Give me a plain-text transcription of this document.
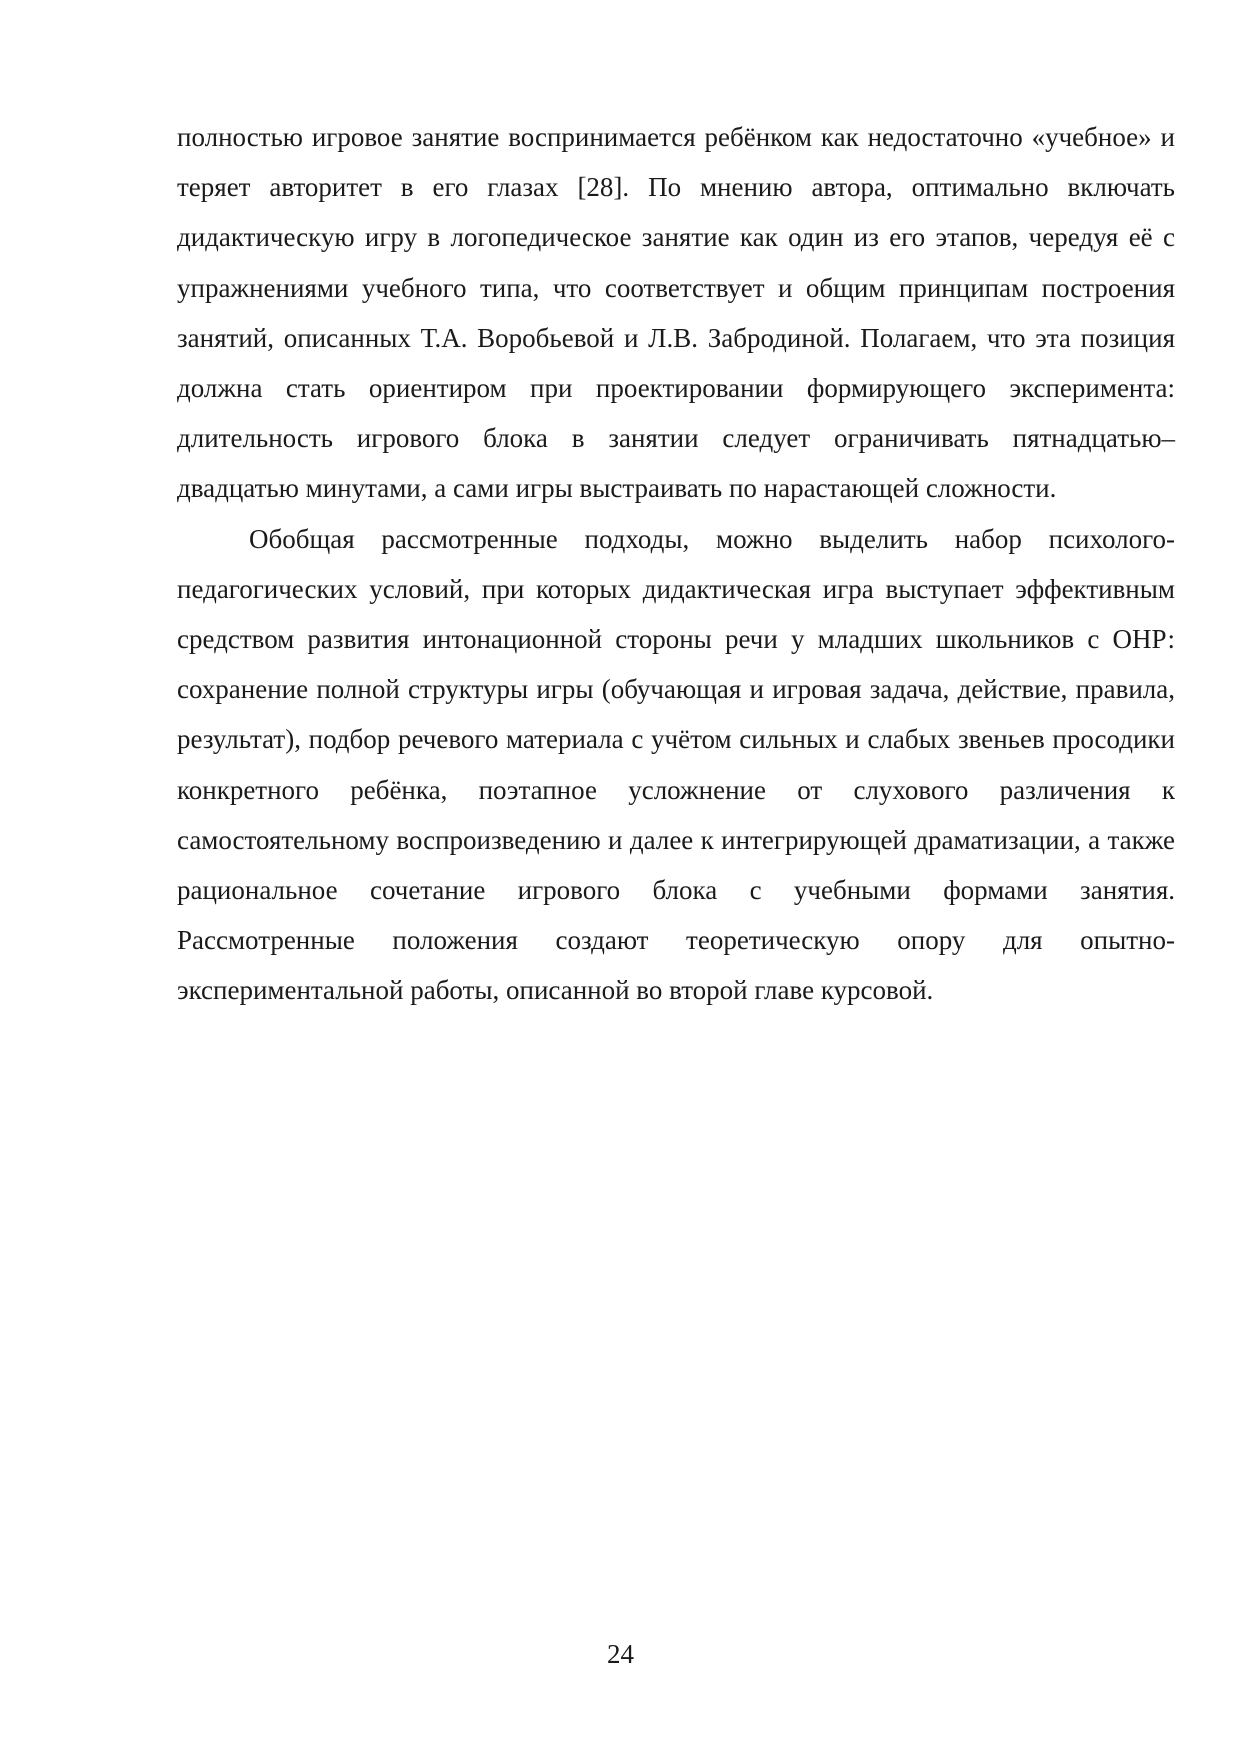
полностью игровое занятие воспринимается ребёнком как недостаточно «учебное» и теряет авторитет в его глазах [28]. По мнению автора, оптимально включать дидактическую игру в логопедическое занятие как один из его этапов, чередуя её с упражнениями учебного типа, что соответствует и общим принципам построения занятий, описанных Т.А. Воробьевой и Л.В. Забродиной. Полагаем, что эта позиция должна стать ориентиром при проектировании формирующего эксперимента: длительность игрового блока в занятии следует ограничивать пятнадцатью–двадцатью минутами, а сами игры выстраивать по нарастающей сложности.

Обобщая рассмотренные подходы, можно выделить набор психолого-педагогических условий, при которых дидактическая игра выступает эффективным средством развития интонационной стороны речи у младших школьников с ОНР: сохранение полной структуры игры (обучающая и игровая задача, действие, правила, результат), подбор речевого материала с учётом сильных и слабых звеньев просодики конкретного ребёнка, поэтапное усложнение от слухового различения к самостоятельному воспроизведению и далее к интегрирующей драматизации, а также рациональное сочетание игрового блока с учебными формами занятия. Рассмотренные положения создают теоретическую опору для опытно-экспериментальной работы, описанной во второй главе курсовой.

24
